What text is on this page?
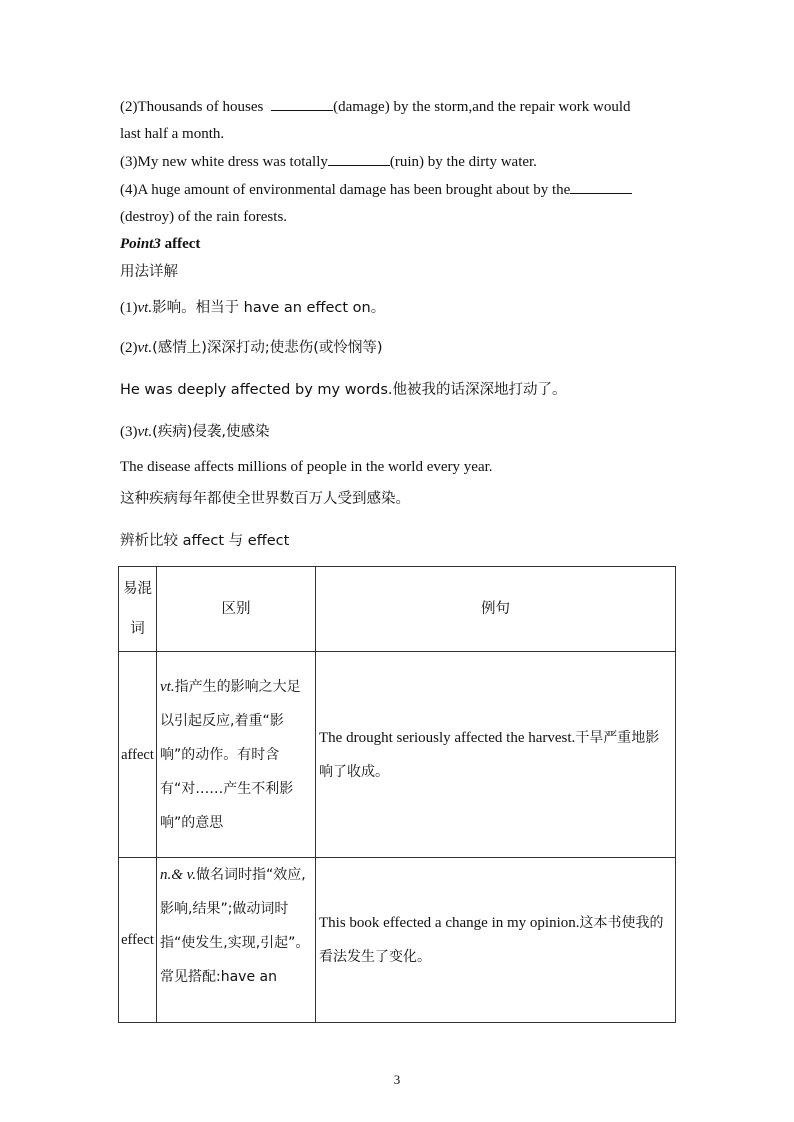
(2)Thousands of houses	(damage) by the storm,and the repair work would
last half a month.
(3)My new white dress was totally	(ruin) by the dirty water.
(4)A huge amount of environmental damage has been brought about by the
(destroy) of the rain forests.
Point3 affect
用法详解
(1)vt.影响。相当于 have an effect on。
(2)vt.(感情上)深深打动;使悲伤(或怜悯等)
He was deeply affected by my words.他被我的话深深地打动了。
(3)vt.(疾病)侵袭,使感染
The disease affects millions of people in the world every year.
这种疾病每年都使全世界数百万人受到感染。
辨析比较 affect 与 effect
易混词	区别	例句
affect	vt.指产生的影响之大足以引起反应,着重“影响”的动作。有时含有“对……产生不利影响”的意思	The drought seriously affected the harvest.干旱严重地影响了收成。

effect	n.& v.做名词时指“效应,影响,结果”;做动词时指“使发生,实现,引起”。常见搭配:have an	This book effected a change in my opinion.这本书使我的看法发生了变化。
3
